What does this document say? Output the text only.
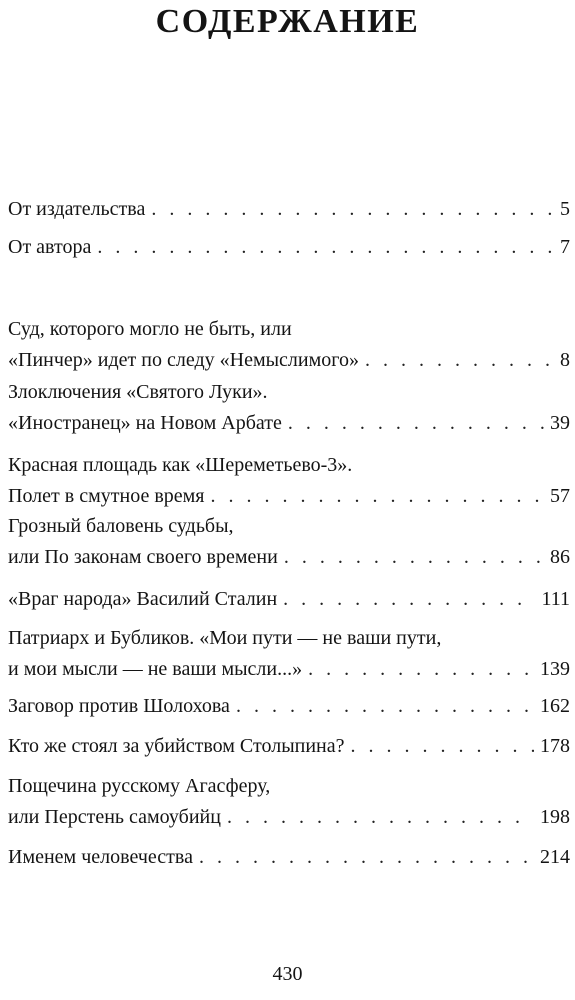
СОДЕРЖАНИЕ
От издательства . . .	5
От автора . . .	7
Суд, которого могло не быть, или
«Пинчер» идет по следу «Немыслимого» . . .	8
Злоключения «Святого Луки».
«Иностранец» на Новом Арбате . . .	39
Красная площадь как «Шереметьево-3».
Полет в смутное время . . .	57
Грозный баловень судьбы,
или По законам своего времени . . .	86
«Враг народа» Василий Сталин . . .	111
Патриарх и Бубликов. «Мои пути — не ваши пути,
и мои мысли — не ваши мысли...» . . .	139
Заговор против Шолохова . . .	162
Кто же стоял за убийством Столыпина? . . .	178
Пощечина русскому Агасферу,
или Перстень самоубийц . . .	198
Именем человечества . . .	214
430
